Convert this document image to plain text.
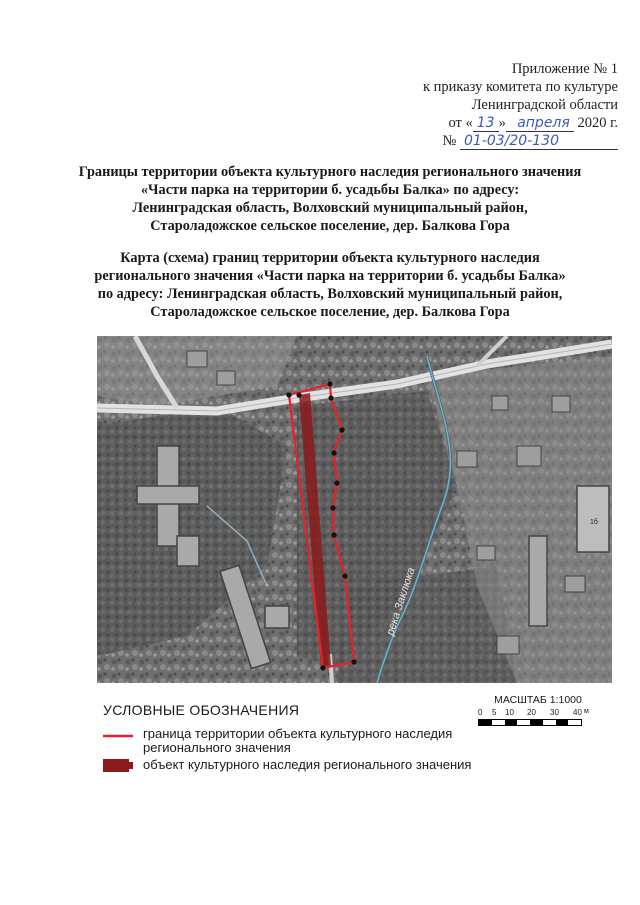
Приложение № 1
к приказу комитета по культуре
Ленинградской области
от « 13 » апреля 2020 г.
№ 01-03/20-130
Границы территории объекта культурного наследия регионального значения
«Части парка на территории б. усадьбы Балка» по адресу:
Ленинградская область, Волховский муниципальный район,
Староладожское сельское поселение, дер. Балкова Гора
Карта (схема) границ территории объекта культурного наследия
регионального значения «Части парка на территории б. усадьбы Балка»
по адресу: Ленинградская область, Волховский муниципальный район,
Староладожское сельское поселение, дер. Балкова Гора
1б
река Заклюка
МАСШТАБ 1:1000
0 5 10 20 30 40 м
УСЛОВНЫЕ ОБОЗНАЧЕНИЯ
граница территории объекта культурного наследия регионального значения
объект культурного наследия регионального значения
